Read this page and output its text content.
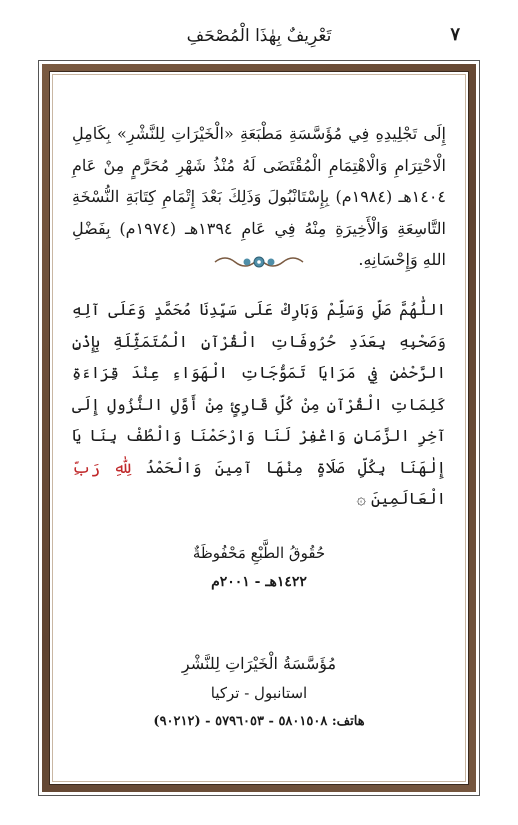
٧
تَعْرِيفٌ بِهٰذَا الْمُصْحَفِ

إِلَى تَجْلِيدِهِ فِي مُؤَسَّسَةِ مَطْبَعَةِ «الْخَيْرَاتِ لِلنَّشْرِ» بِكَامِلِ الْاحْتِرَامِ وَالْاهْتِمَامِ الْمُقْتَضَى لَهُ مُنْذُ شَهْرِ مُحَرَّمٍ مِنْ عَامِ ١٤٠٤هـ (١٩٨٤م) بِإِسْتَانْبُولَ وَذَلِكَ بَعْدَ إِتْمَامِ كِتَابَةِ النُّسْخَةِ التَّاسِعَةِ وَالْأَخِيرَةِ مِنْهُ فِي عَامِ ١٣٩٤هـ (١٩٧٤م) بِفَضْلِ اللهِ وَإِحْسَانِهِ.

اللّٰهُمَّ صَلِّ وَسَلِّمْ وَبَارِكْ عَلَى سَيِّدِنَا مُحَمَّدٍ وَعَلَى آلِهِ وَصَحْبِهِ بِعَدَدِ حُرُوفَاتِ الْقُرْآنِ الْمُتَمَثِّلَةِ بِإِذْنِ الرَّحْمٰنِ فِي مَرَايَا تَمَوُّجَاتِ الْهَوَاءِ عِنْدَ قِرَاءَةِ كَلِمَاتِ الْقُرْآنِ مِنْ كُلِّ قَارِئٍ مِنْ أَوَّلِ النُّزُولِ إِلَى آخِرِ الزَّمَانِ وَاغْفِرْ لَنَا وَارْحَمْنَا وَالْطُفْ بِنَا يَا إِلٰهَنَا بِكُلِّ صَلَاةٍ مِنْهَا آمِينَ وَالْحَمْدُ لِلّٰهِ رَبِّ الْعَالَمِينَ ۞

حُقُوقُ الطَّبْعِ مَحْفُوظَةٌ
١٤٢٢هـ - ٢٠٠١م
مُؤَسَّسَةُ الْخَيْرَاتِ لِلنَّشْرِ
استانبول - تركيا
هاتف: ٥٨٠١٥٠٨ - ٥٧٩٦٠٥٣ - (٩٠٢١٢)
